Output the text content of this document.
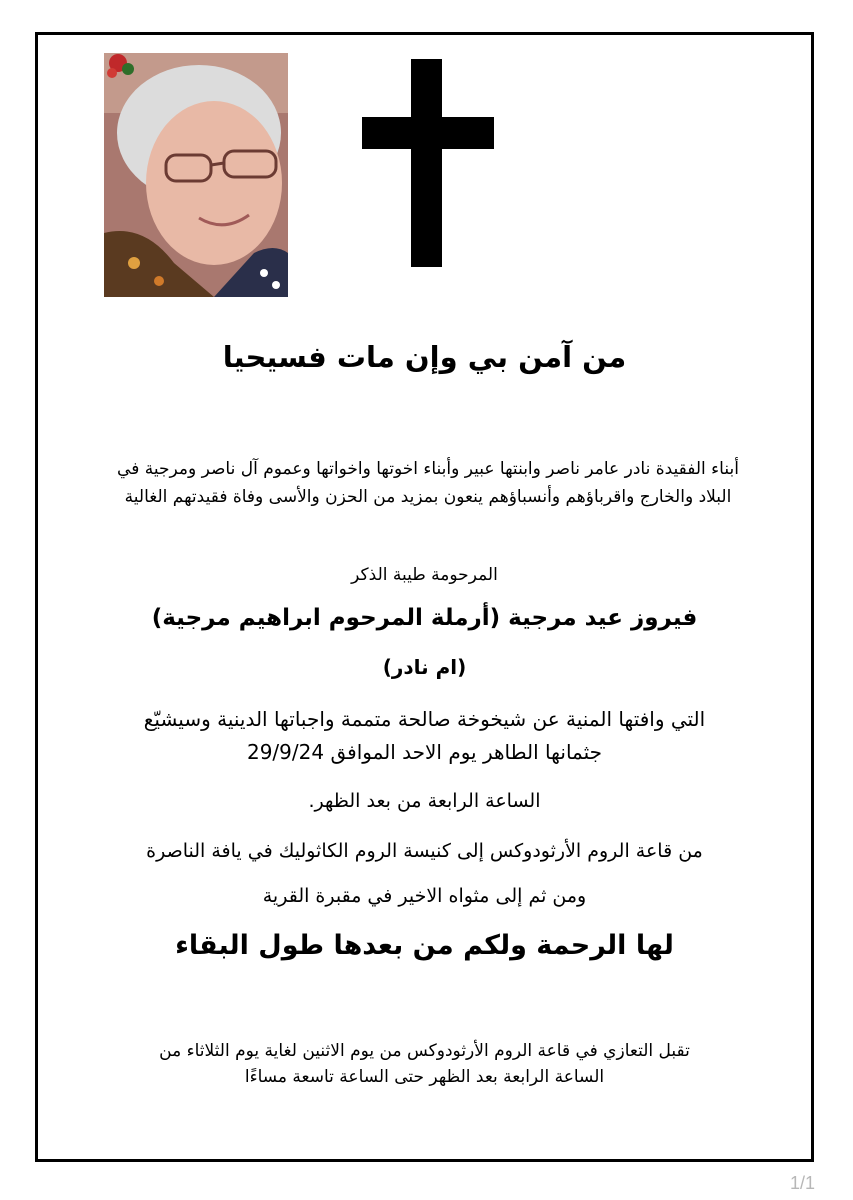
من آمن بي وإن مات فسيحيا
أبناء الفقيدة نادر عامر ناصر وابنتها عبير وأبناء اخوتها واخواتها وعموم آل ناصر ومرجية في البلاد والخارج واقرباؤهم وأنسباؤهم ينعون بمزيد من الحزن والأسى وفاة فقيدتهم الغالية
المرحومة طيبة الذكر
فيروز عيد مرجية (أرملة المرحوم ابراهيم مرجية)
(ام نادر)
التي وافتها المنية عن شيخوخة صالحة متممة واجباتها الدينية وسيشيّع
جثمانها الطاهر يوم الاحد الموافق 29/9/24
الساعة الرابعة من بعد الظهر.
من قاعة الروم الأرثودوكس إلى كنيسة الروم الكاثوليك في يافة الناصرة
ومن ثم إلى مثواه الاخير في مقبرة القرية
لها الرحمة ولكم من بعدها طول البقاء
تقبل التعازي في قاعة الروم الأرثودوكس من يوم الاثنين لغاية يوم الثلاثاء من
الساعة الرابعة بعد الظهر حتى الساعة تاسعة مساءًا
1/1
